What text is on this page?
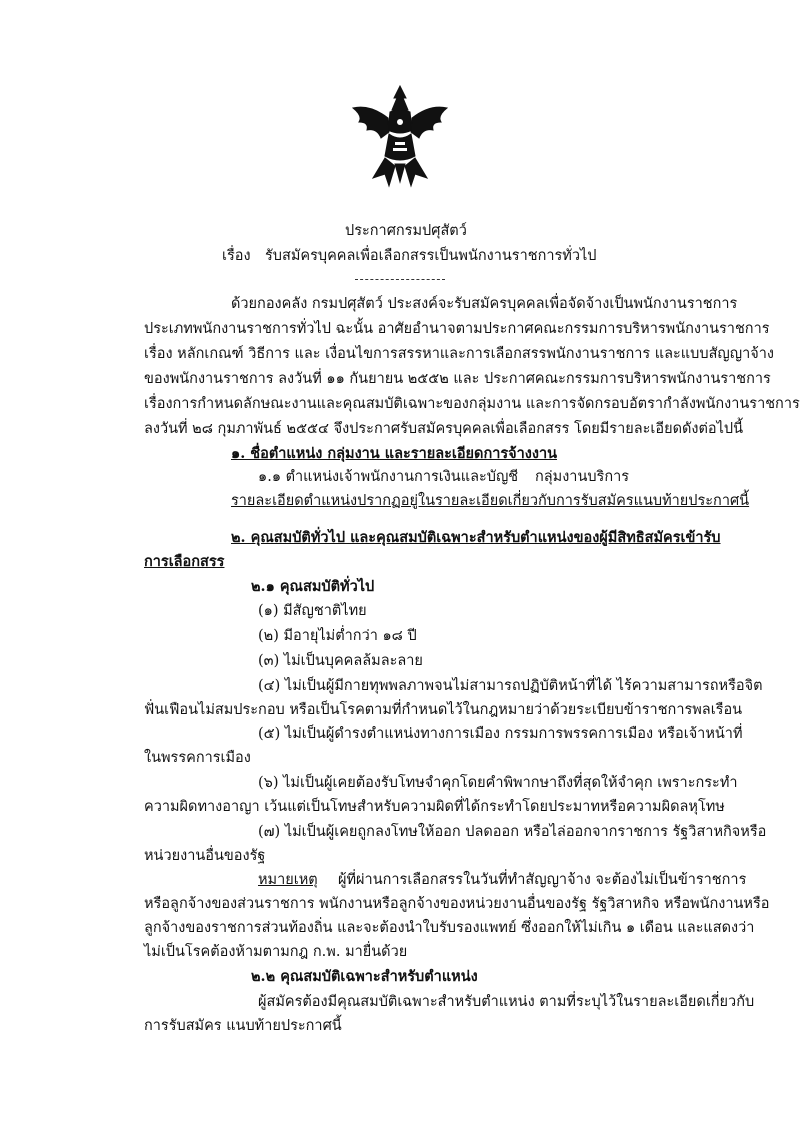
ประกาศกรมปศุสัตว์
เรื่อง รับสมัครบุคคลเพื่อเลือกสรรเป็นพนักงานราชการทั่วไป
ด้วยกองคลัง กรมปศุสัตว์ ประสงค์จะรับสมัครบุคคลเพื่อจัดจ้างเป็นพนักงานราชการ
ประเภทพนักงานราชการทั่วไป ฉะนั้น อาศัยอำนาจตามประกาศคณะกรรมการบริหารพนักงานราชการ
เรื่อง หลักเกณฑ์ วิธีการ และ เงื่อนไขการสรรหาและการเลือกสรรพนักงานราชการ และแบบสัญญาจ้าง
ของพนักงานราชการ ลงวันที่ ๑๑ กันยายน ๒๕๕๒ และ ประกาศคณะกรรมการบริหารพนักงานราชการ
เรื่องการกำหนดลักษณะงานและคุณสมบัติเฉพาะของกลุ่มงาน และการจัดกรอบอัตรากำลังพนักงานราชการ
ลงวันที่ ๒๘ กุมภาพันธ์ ๒๕๕๔ จึงประกาศรับสมัครบุคคลเพื่อเลือกสรร โดยมีรายละเอียดดังต่อไปนี้
๑. ชื่อตำแหน่ง กลุ่มงาน และรายละเอียดการจ้างงาน
๑.๑ ตำแหน่งเจ้าพนักงานการเงินและบัญชี กลุ่มงานบริการ
รายละเอียดตำแหน่งปรากฏอยู่ในรายละเอียดเกี่ยวกับการรับสมัครแนบท้ายประกาศนี้
๒. คุณสมบัติทั่วไป และคุณสมบัติเฉพาะสำหรับตำแหน่งของผู้มีสิทธิสมัครเข้ารับ
การเลือกสรร
๒.๑ คุณสมบัติทั่วไป
(๑) มีสัญชาติไทย
(๒) มีอายุไม่ต่ำกว่า ๑๘ ปี
(๓) ไม่เป็นบุคคลล้มละลาย
(๔) ไม่เป็นผู้มีกายทุพพลภาพจนไม่สามารถปฏิบัติหน้าที่ได้ ไร้ความสามารถหรือจิต
ฟั่นเฟือนไม่สมประกอบ หรือเป็นโรคตามที่กำหนดไว้ในกฎหมายว่าด้วยระเบียบข้าราชการพลเรือน
(๕) ไม่เป็นผู้ดำรงตำแหน่งทางการเมือง กรรมการพรรคการเมือง หรือเจ้าหน้าที่
ในพรรคการเมือง
(๖) ไม่เป็นผู้เคยต้องรับโทษจำคุกโดยคำพิพากษาถึงที่สุดให้จำคุก เพราะกระทำ
ความผิดทางอาญา เว้นแต่เป็นโทษสำหรับความผิดที่ได้กระทำโดยประมาทหรือความผิดลหุโทษ
(๗) ไม่เป็นผู้เคยถูกลงโทษให้ออก ปลดออก หรือไล่ออกจากราชการ รัฐวิสาหกิจหรือ
หน่วยงานอื่นของรัฐ
หมายเหตุ ผู้ที่ผ่านการเลือกสรรในวันที่ทำสัญญาจ้าง จะต้องไม่เป็นข้าราชการ
หรือลูกจ้างของส่วนราชการ พนักงานหรือลูกจ้างของหน่วยงานอื่นของรัฐ รัฐวิสาหกิจ หรือพนักงานหรือ
ลูกจ้างของราชการส่วนท้องถิ่น และจะต้องนำใบรับรองแพทย์ ซึ่งออกให้ไม่เกิน ๑ เดือน และแสดงว่า
ไม่เป็นโรคต้องห้ามตามกฎ ก.พ. มายื่นด้วย
๒.๒ คุณสมบัติเฉพาะสำหรับตำแหน่ง
ผู้สมัครต้องมีคุณสมบัติเฉพาะสำหรับตำแหน่ง ตามที่ระบุไว้ในรายละเอียดเกี่ยวกับ
การรับสมัคร แนบท้ายประกาศนี้
